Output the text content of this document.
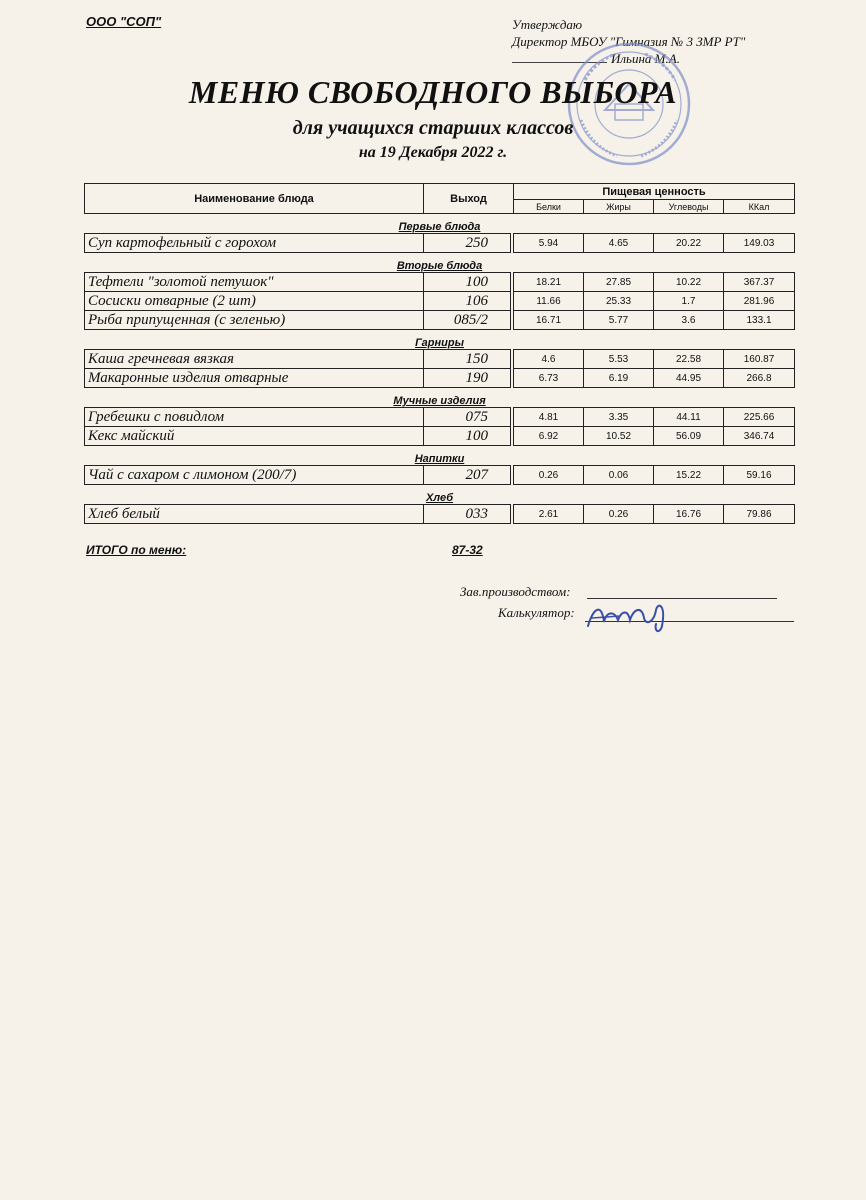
ООО "СОП"	Утверждаю
Директор МБОУ "Гимназия № 3 ЗМР РТ"
Ильина М.А.
МЕНЮ СВОБОДНОГО ВЫБОРА
для учащихся старших классов
на 19 Декабря 2022 г.
Наименование блюда	Выход		Пищевая ценность			
			Белки	Жиры	Углеводы	ККал
Первые блюда						
Суп картофельный с горохом	250		5.94	4.65	20.22	149.03
Вторые блюда						
Тефтели "золотой петушок"	100		18.21	27.85	10.22	367.37
Сосиски отварные (2 шт)	106		11.66	25.33	1.7	281.96
Рыба припущенная (с зеленью)	085/2		16.71	5.77	3.6	133.1
Гарниры						
Каша гречневая вязкая	150		4.6	5.53	22.58	160.87
Макаронные изделия отварные	190		6.73	6.19	44.95	266.8
Мучные изделия						
Гребешки с повидлом	075		4.81	3.35	44.11	225.66
Кекс майский	100		6.92	10.52	56.09	346.74
Напитки						
Чай с сахаром с лимоном (200/7)	207		0.26	0.06	15.22	59.16
Хлеб						
Хлеб белый	033		2.61	0.26	16.76	79.86
ИТОГО по меню:	87-32
Зав.производством:
Калькулятор:
